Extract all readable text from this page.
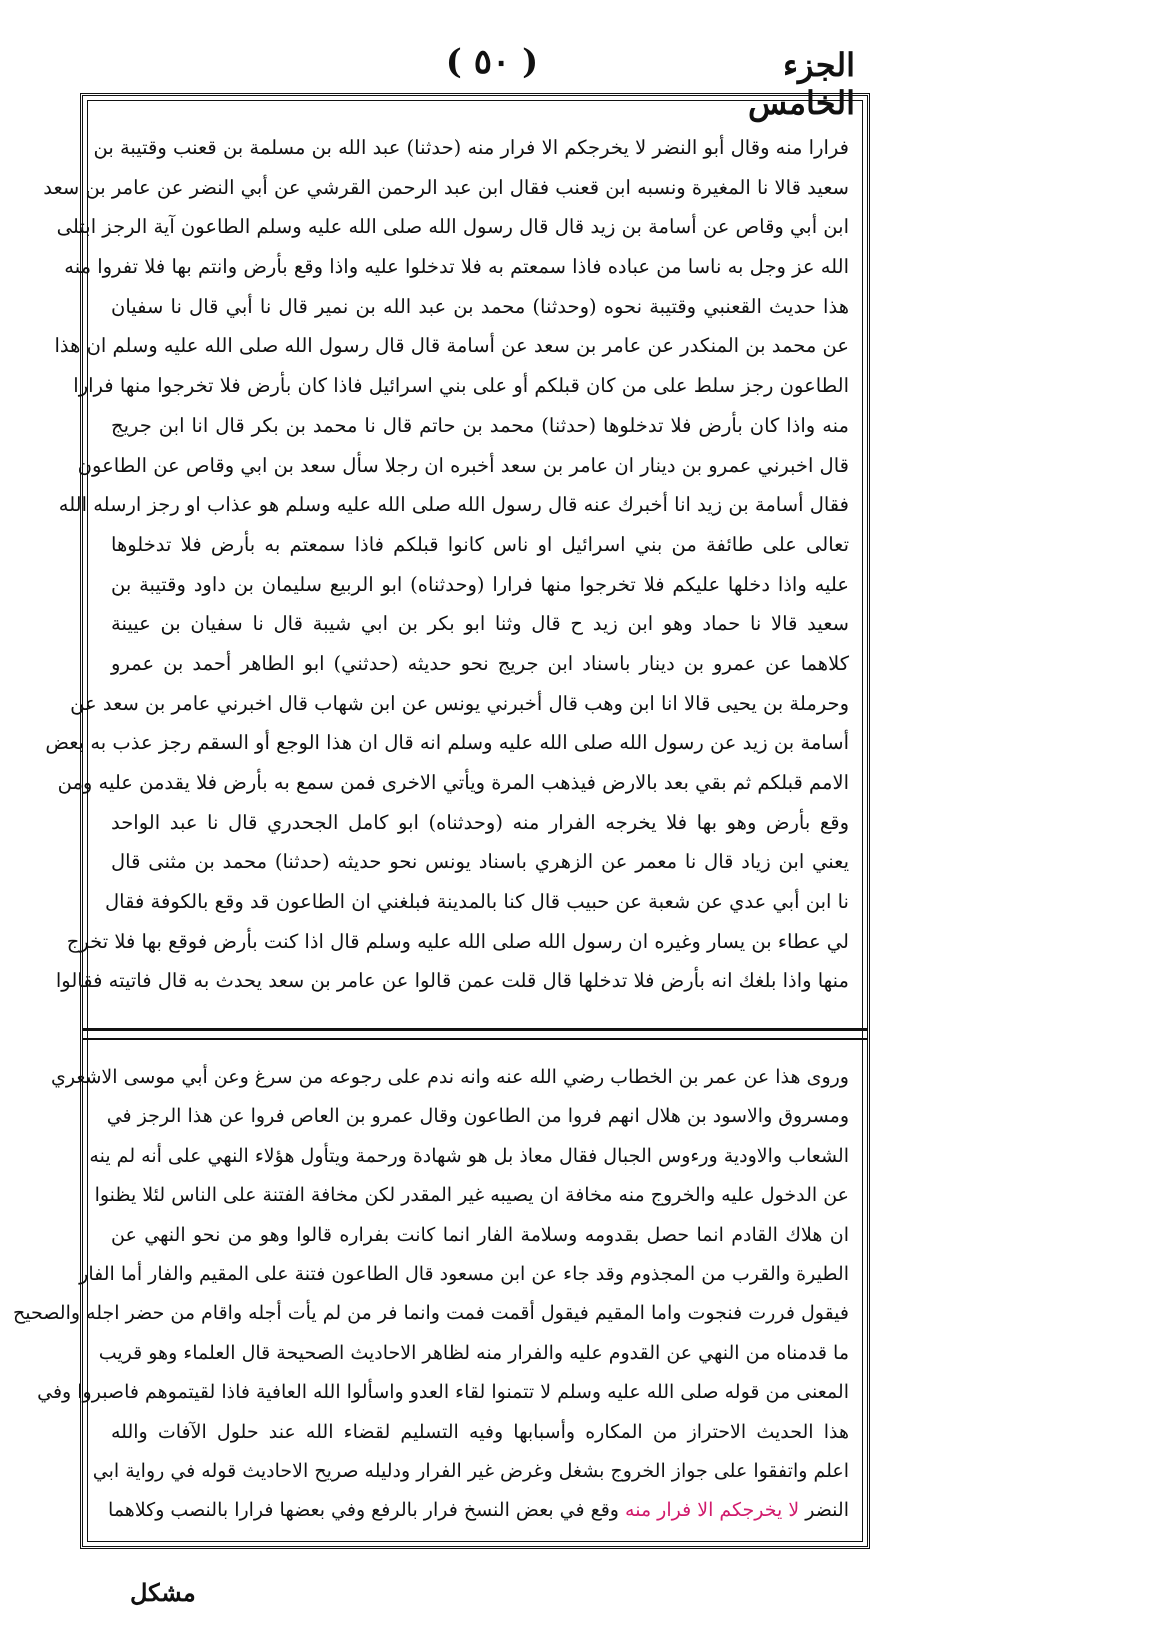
الجزء الخامس
( ٥٠ )
فرارا منه وقال أبو النضر لا يخرجكم الا فرار منه (حدثنا) عبد الله بن مسلمة بن قعنب وقتيبة بن
سعيد قالا نا المغيرة ونسبه ابن قعنب فقال ابن عبد الرحمن القرشي عن أبي النضر عن عامر بن سعد
ابن أبي وقاص عن أسامة بن زيد قال قال رسول الله صلى الله عليه وسلم الطاعون آية الرجز ابتلى
الله عز وجل به ناسا من عباده فاذا سمعتم به فلا تدخلوا عليه واذا وقع بأرض وانتم بها فلا تفروا منه
هذا حديث القعنبي وقتيبة نحوه (وحدثنا) محمد بن عبد الله بن نمير قال نا أبي قال نا سفيان
عن محمد بن المنكدر عن عامر بن سعد عن أسامة قال قال رسول الله صلى الله عليه وسلم ان هذا
الطاعون رجز سلط على من كان قبلكم أو على بني اسرائيل فاذا كان بأرض فلا تخرجوا منها فرارا
منه واذا كان بأرض فلا تدخلوها (حدثنا) محمد بن حاتم قال نا محمد بن بكر قال انا ابن جريج
قال اخبرني عمرو بن دينار ان عامر بن سعد أخبره ان رجلا سأل سعد بن ابي وقاص عن الطاعون
فقال أسامة بن زيد انا أخبرك عنه قال رسول الله صلى الله عليه وسلم هو عذاب او رجز ارسله الله
تعالى على طائفة من بني اسرائيل او ناس كانوا قبلكم فاذا سمعتم به بأرض فلا تدخلوها
عليه واذا دخلها عليكم فلا تخرجوا منها فرارا (وحدثناه) ابو الربيع سليمان بن داود وقتيبة بن
سعيد قالا نا حماد وهو ابن زيد ح قال وثنا ابو بكر بن ابي شيبة قال نا سفيان بن عيينة
كلاهما عن عمرو بن دينار باسناد ابن جريج نحو حديثه (حدثني) ابو الطاهر أحمد بن عمرو
وحرملة بن يحيى قالا انا ابن وهب قال أخبرني يونس عن ابن شهاب قال اخبرني عامر بن سعد عن
أسامة بن زيد عن رسول الله صلى الله عليه وسلم انه قال ان هذا الوجع أو السقم رجز عذب به بعض
الامم قبلكم ثم بقي بعد بالارض فيذهب المرة ويأتي الاخرى فمن سمع به بأرض فلا يقدمن عليه ومن
وقع بأرض وهو بها فلا يخرجه الفرار منه (وحدثناه) ابو كامل الجحدري قال نا عبد الواحد
يعني ابن زياد قال نا معمر عن الزهري باسناد يونس نحو حديثه (حدثنا) محمد بن مثنى قال
نا ابن أبي عدي عن شعبة عن حبيب قال كنا بالمدينة فبلغني ان الطاعون قد وقع بالكوفة فقال
لي عطاء بن يسار وغيره ان رسول الله صلى الله عليه وسلم قال اذا كنت بأرض فوقع بها فلا تخرج
منها واذا بلغك انه بأرض فلا تدخلها قال قلت عمن قالوا عن عامر بن سعد يحدث به قال فاتيته فقالوا
وروى هذا عن عمر بن الخطاب رضي الله عنه وانه ندم على رجوعه من سرغ وعن أبي موسى الاشعري
ومسروق والاسود بن هلال انهم فروا من الطاعون وقال عمرو بن العاص فروا عن هذا الرجز في
الشعاب والاودية ورءوس الجبال فقال معاذ بل هو شهادة ورحمة ويتأول هؤلاء النهي على أنه لم ينه
عن الدخول عليه والخروج منه مخافة ان يصيبه غير المقدر لكن مخافة الفتنة على الناس لئلا يظنوا
ان هلاك القادم انما حصل بقدومه وسلامة الفار انما كانت بفراره قالوا وهو من نحو النهي عن
الطيرة والقرب من المجذوم وقد جاء عن ابن مسعود قال الطاعون فتنة على المقيم والفار أما الفار
فيقول فررت فنجوت واما المقيم فيقول أقمت فمت وانما فر من لم يأت أجله واقام من حضر اجله والصحيح
ما قدمناه من النهي عن القدوم عليه والفرار منه لظاهر الاحاديث الصحيحة قال العلماء وهو قريب
المعنى من قوله صلى الله عليه وسلم لا تتمنوا لقاء العدو واسألوا الله العافية فاذا لقيتموهم فاصبروا وفي
هذا الحديث الاحتراز من المكاره وأسبابها وفيه التسليم لقضاء الله عند حلول الآفات والله
اعلم واتفقوا على جواز الخروج بشغل وغرض غير الفرار ودليله صريح الاحاديث قوله في رواية ابي
النضر لا يخرجكم الا فرار منه وقع في بعض النسخ فرار بالرفع وفي بعضها فرارا بالنصب وكلاهما
مشكل
